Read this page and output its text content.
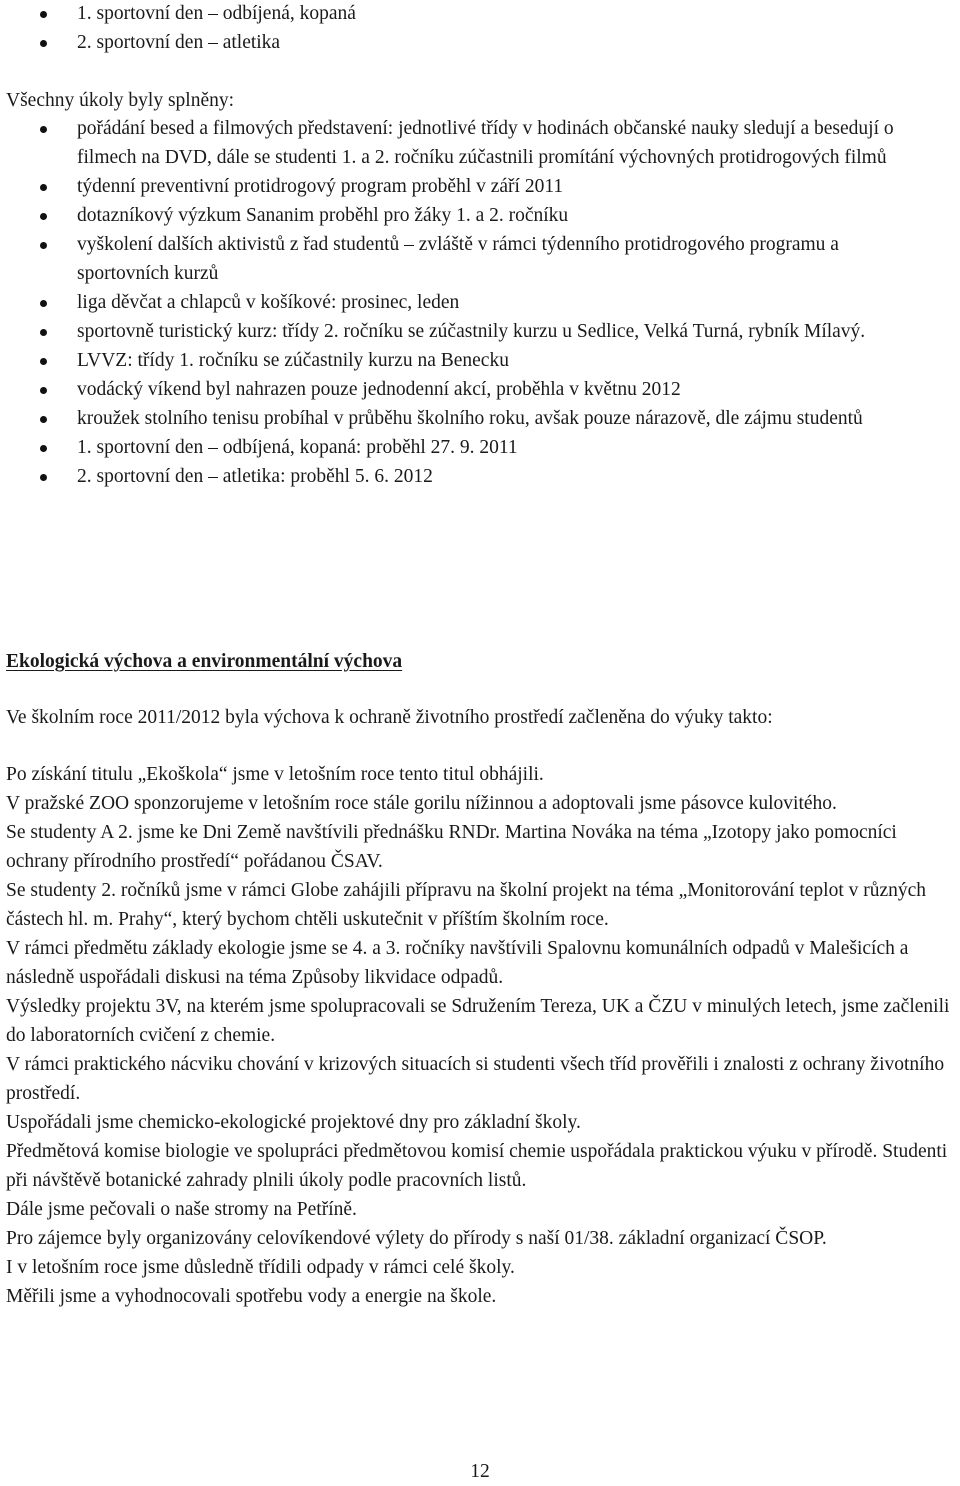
1. sportovní den – odbíjená, kopaná
2. sportovní den – atletika

Všechny úkoly byly splněny:

pořádání besed a filmových představení: jednotlivé třídy v hodinách občanské nauky sledují a besedují o filmech na DVD, dále se studenti 1. a 2. ročníku zúčastnili promítání výchovných protidrogových filmů
týdenní preventivní protidrogový program proběhl v září 2011
dotazníkový výzkum Sananim proběhl pro žáky 1. a 2. ročníku
vyškolení dalších aktivistů z řad studentů – zvláště v rámci týdenního protidrogového programu a sportovních kurzů
liga děvčat a chlapců v košíkové: prosinec, leden
sportovně turistický kurz: třídy 2. ročníku se zúčastnily kurzu u Sedlice, Velká Turná, rybník Mílavý.
LVVZ: třídy 1. ročníku se zúčastnily kurzu na Benecku
vodácký víkend byl nahrazen pouze jednodenní akcí, proběhla v květnu 2012
kroužek stolního tenisu probíhal v průběhu školního roku, avšak pouze nárazově, dle zájmu studentů
1. sportovní den – odbíjená, kopaná: proběhl 27. 9. 2011
2. sportovní den – atletika: proběhl 5. 6. 2012
Ekologická výchova a environmentální výchova

Ve školním roce 2011/2012 byla výchova k ochraně životního prostředí začleněna do výuky takto:

Po získání titulu „Ekoškola“ jsme v letošním roce tento titul obhájili.

V pražské ZOO sponzorujeme v letošním roce stále gorilu nížinnou a adoptovali jsme pásovce kulovitého.

Se studenty A 2. jsme ke Dni Země navštívili přednášku RNDr. Martina Nováka na téma „Izotopy jako pomocníci ochrany přírodního prostředí“ pořádanou ČSAV.

Se studenty 2. ročníků jsme v rámci Globe zahájili přípravu na školní projekt na téma „Monitorování teplot v různých částech hl. m. Prahy“, který bychom chtěli uskutečnit v příštím školním roce.

V rámci předmětu základy ekologie jsme se 4. a 3. ročníky navštívili Spalovnu komunálních odpadů v Malešicích a následně uspořádali diskusi na téma Způsoby likvidace odpadů.

Výsledky projektu 3V, na kterém jsme spolupracovali se Sdružením Tereza, UK a ČZU v minulých letech, jsme začlenili do laboratorních cvičení z chemie.

V rámci praktického nácviku chování v krizových situacích si studenti všech tříd prověřili i znalosti z ochrany životního prostředí.

Uspořádali jsme chemicko-ekologické projektové dny pro základní školy.

Předmětová komise biologie ve spolupráci předmětovou komisí chemie uspořádala praktickou výuku v přírodě. Studenti při návštěvě botanické zahrady plnili úkoly podle pracovních listů.

Dále jsme pečovali o naše stromy na Petříně.

Pro zájemce byly organizovány celovíkendové výlety do přírody s naší 01/38. základní organizací ČSOP.

I v letošním roce jsme důsledně třídili odpady v rámci celé školy.

Měřili jsme a vyhodnocovali spotřebu vody a energie na škole.

12
